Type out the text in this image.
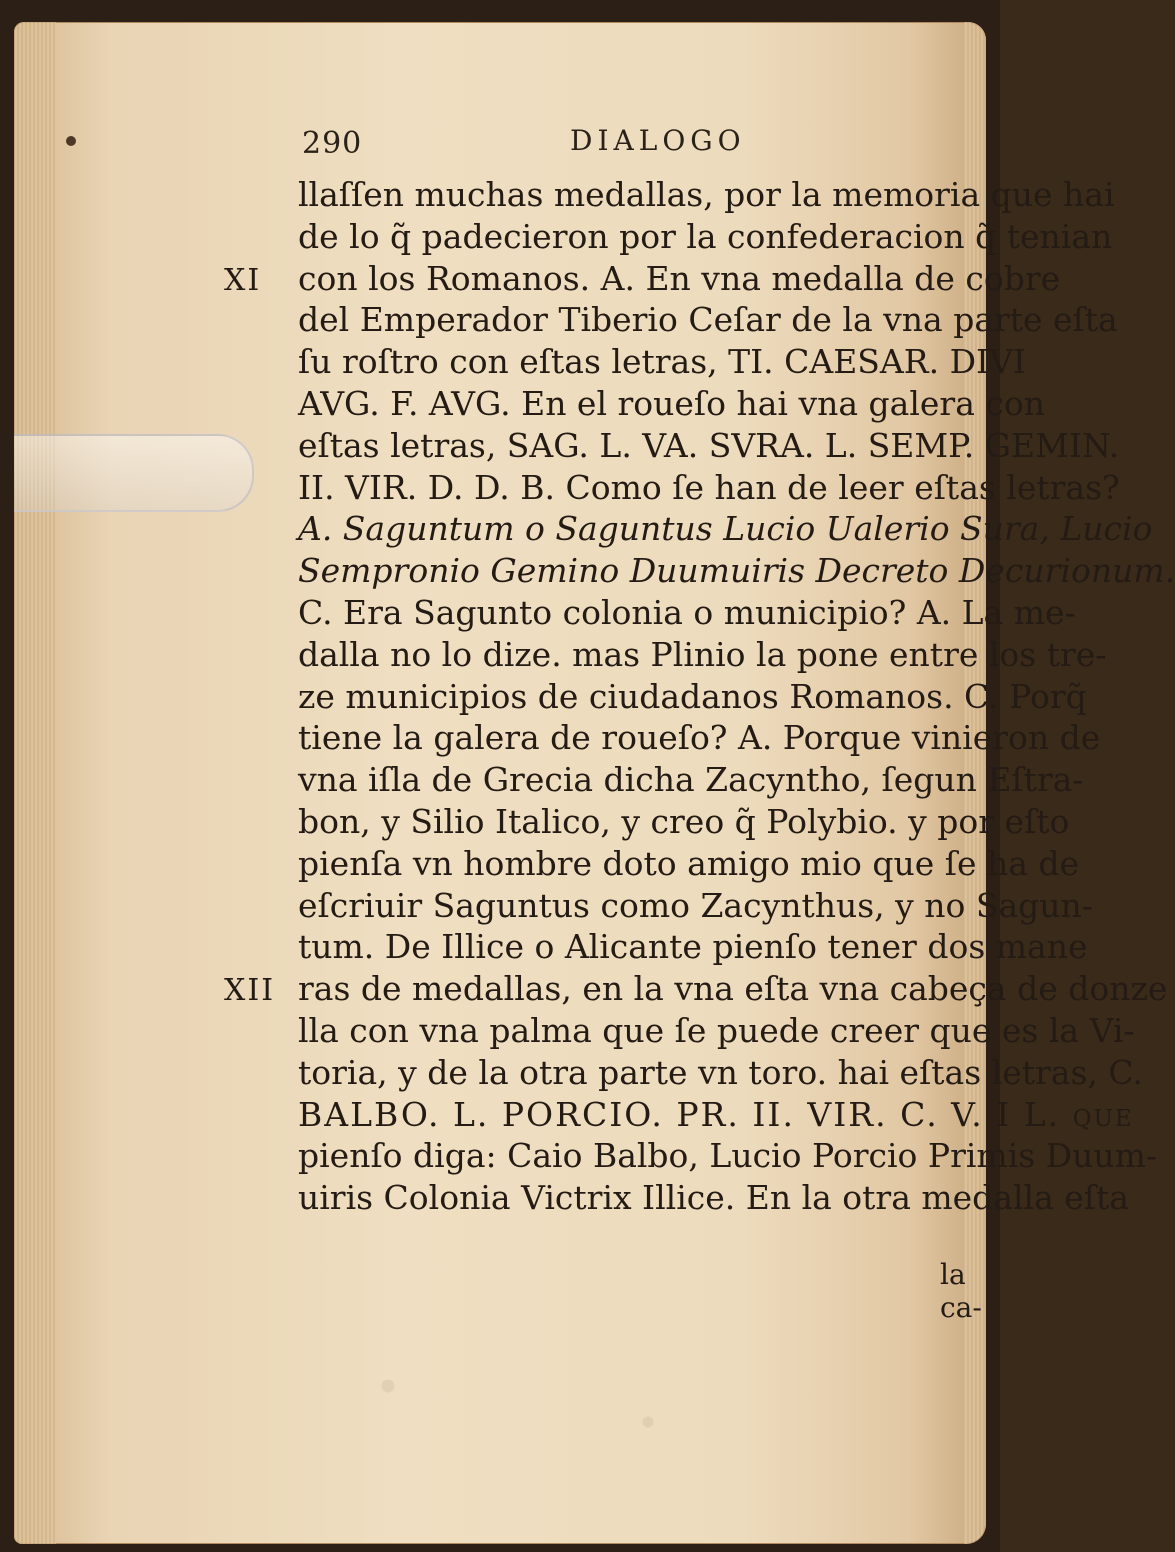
290	DIALOGO
llaſſen muchas medallas, por la memoria que hai
de lo q̃ padecieron por la confederacion q̃ tenian
XI con los Romanos. A. En vna medalla de cobre
del Emperador Tiberio Ceſar de la vna parte eſta
ſu roſtro con eſtas letras, TI. CAESAR. DIVI
AVG. F. AVG. En el roueſo hai vna galera con
eſtas letras, SAG. L. VA. SVRA. L. SEMP. GEMIN.
II. VIR. D. D. B. Como ſe han de leer eſtas letras?
A. Saguntum o Saguntus Lucio Ualerio Sura, Lucio
Sempronio Gemino Duumuiris Decreto Decurionum.
C. Era Sagunto colonia o municipio? A. La me-
dalla no lo dize. mas Plinio la pone entre los tre-
ze municipios de ciudadanos Romanos. C. Porq̃
tiene la galera de roueſo? A. Porque vinieron de
vna iſla de Grecia dicha Zacyntho, ſegun Eſtra-
bon, y Silio Italico, y creo q̃ Polybio. y por eſto
pienſa vn hombre doto amigo mio que ſe ha de
eſcriuir Saguntus como Zacynthus, y no Sagun-
tum. De Illice o Alicante pienſo tener dos mane
XII ras de medallas, en la vna eſta vna cabeça de donze
lla con vna palma que ſe puede creer que es la Vi-
toria, y de la otra parte vn toro. hai eſtas letras, C.
BALBO. L. PORCIO. PR. II. VIR. C. V. I L. que
pienſo diga: Caio Balbo, Lucio Porcio Primis Duum-
uiris Colonia Victrix Illice. En la otra medalla eſta
la ca-
